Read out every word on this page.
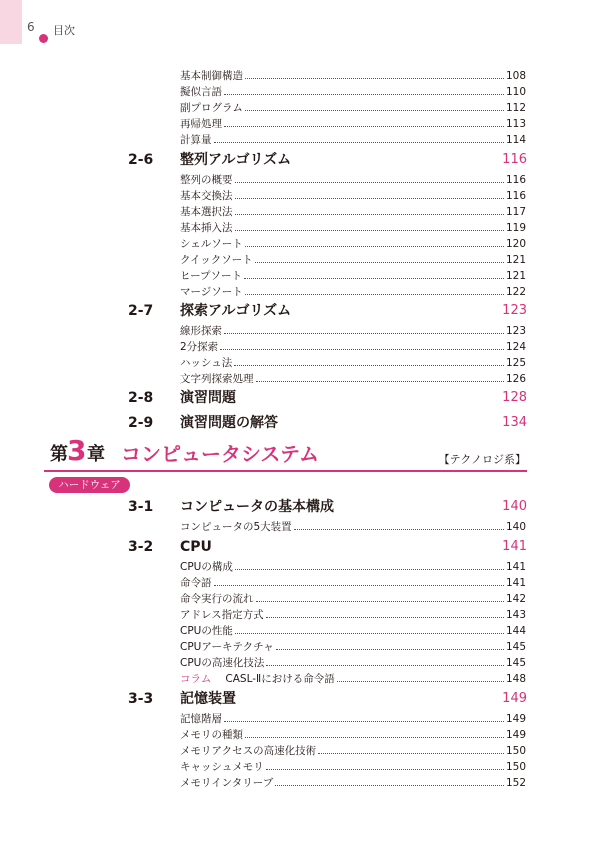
6 目次
基本制御構造	108
擬似言語	110
副プログラム	112
再帰処理	113
計算量	114
2-6 整列アルゴリズム	116
整列の概要	116
基本交換法	116
基本選択法	117
基本挿入法	119
シェルソート	120
クイックソート	121
ヒープソート	121
マージソート	122
2-7 探索アルゴリズム	123
線形探索	123
2分探索	124
ハッシュ法	125
文字列探索処理	126
2-8 演習問題	128
2-9 演習問題の解答	134
第 3 章 コンピュータシステム	【テクノロジ系】
ハードウェア
3-1 コンピュータの基本構成	140
コンピュータの5大装置	140
3-2 CPU	141
CPUの構成	141
命令語	141
命令実行の流れ	142
アドレス指定方式	143
CPUの性能	144
CPUアーキテクチャ	145
CPUの高速化技法	145
コラム CASL-Ⅱにおける命令語	148
3-3 記憶装置	149
記憶階層	149
メモリの種類	149
メモリアクセスの高速化技術	150
キャッシュメモリ	150
メモリインタリーブ	152
